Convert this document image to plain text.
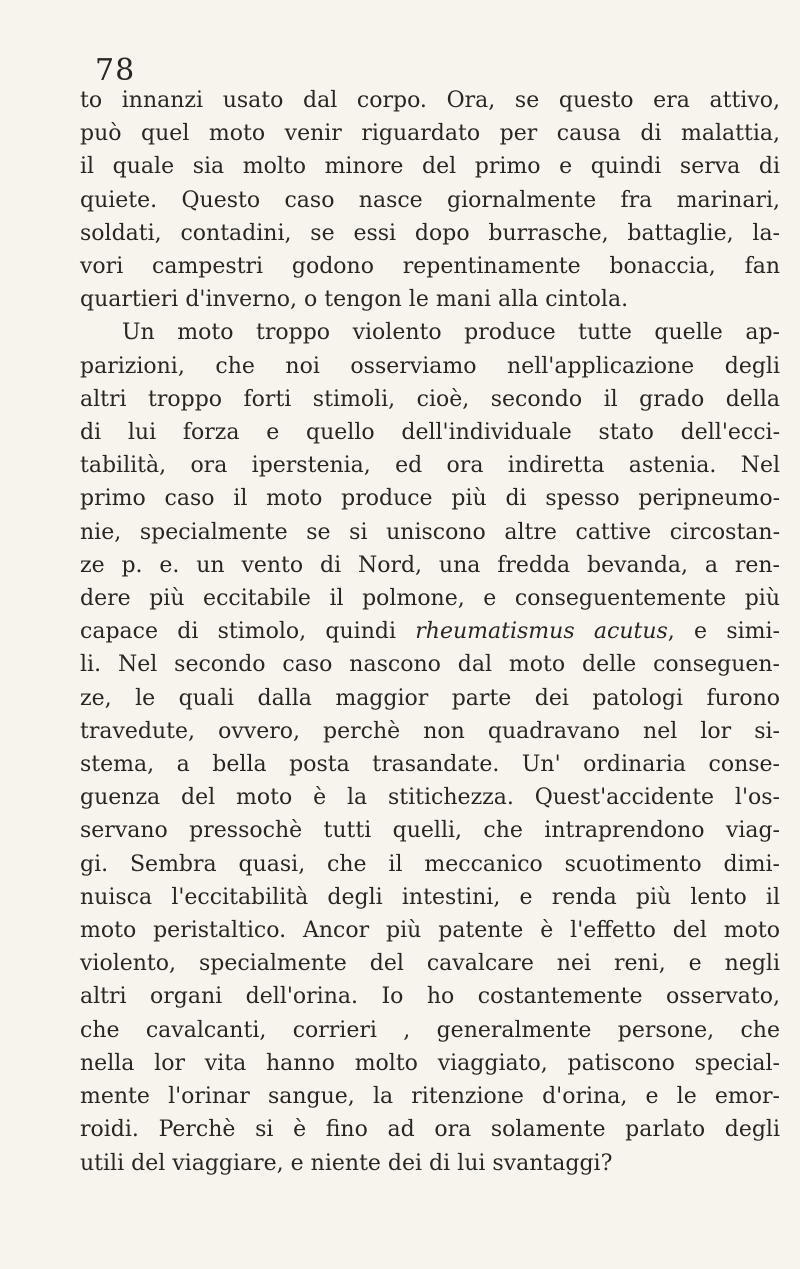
78
to innanzi usato dal corpo. Ora, se questo era attivo,
può quel moto venir riguardato per causa di malattia,
il quale sia molto minore del primo e quindi serva di
quiete. Questo caso nasce giornalmente fra marinari,
soldati, contadini, se essi dopo burrasche, battaglie, la-
vori campestri godono repentinamente bonaccia, fan
quartieri d'inverno, o tengon le mani alla cintola.
Un moto troppo violento produce tutte quelle ap-
parizioni, che noi osserviamo nell'applicazione degli
altri troppo forti stimoli, cioè, secondo il grado della
di lui forza e quello dell'individuale stato dell'ecci-
tabilità, ora iperstenia, ed ora indiretta astenia. Nel
primo caso il moto produce più di spesso peripneumo-
nie, specialmente se si uniscono altre cattive circostan-
ze p. e. un vento di Nord, una fredda bevanda, a ren-
dere più eccitabile il polmone, e conseguentemente più
capace di stimolo, quindi rheumatismus acutus, e simi-
li. Nel secondo caso nascono dal moto delle conseguen-
ze, le quali dalla maggior parte dei patologi furono
travedute, ovvero, perchè non quadravano nel lor si-
stema, a bella posta trasandate. Un' ordinaria conse-
guenza del moto è la stitichezza. Quest'accidente l'os-
servano pressochè tutti quelli, che intraprendono viag-
gi. Sembra quasi, che il meccanico scuotimento dimi-
nuisca l'eccitabilità degli intestini, e renda più lento il
moto peristaltico. Ancor più patente è l'effetto del moto
violento, specialmente del cavalcare nei reni, e negli
altri organi dell'orina. Io ho costantemente osservato,
che cavalcanti, corrieri , generalmente persone, che
nella lor vita hanno molto viaggiato, patiscono special-
mente l'orinar sangue, la ritenzione d'orina, e le emor-
roidi. Perchè si è fino ad ora solamente parlato degli
utili del viaggiare, e niente dei di lui svantaggi?
